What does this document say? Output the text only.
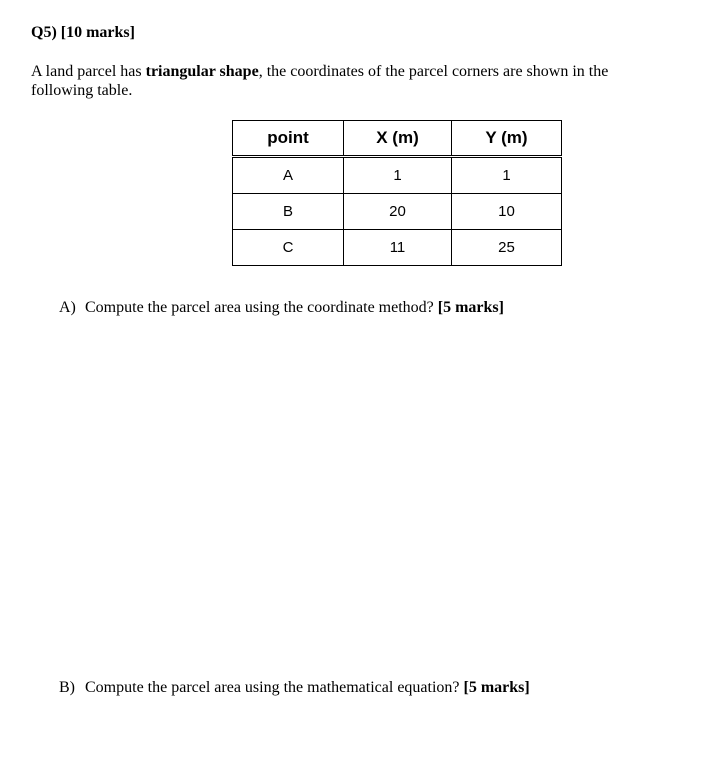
Q5) [10 marks]

A land parcel has triangular shape, the coordinates of the parcel corners are shown in the following table.

point	X (m)	Y (m)
A	1	1
B	20	10
C	11	25

A) Compute the parcel area using the coordinate method? [5 marks]

B) Compute the parcel area using the mathematical equation? [5 marks]
